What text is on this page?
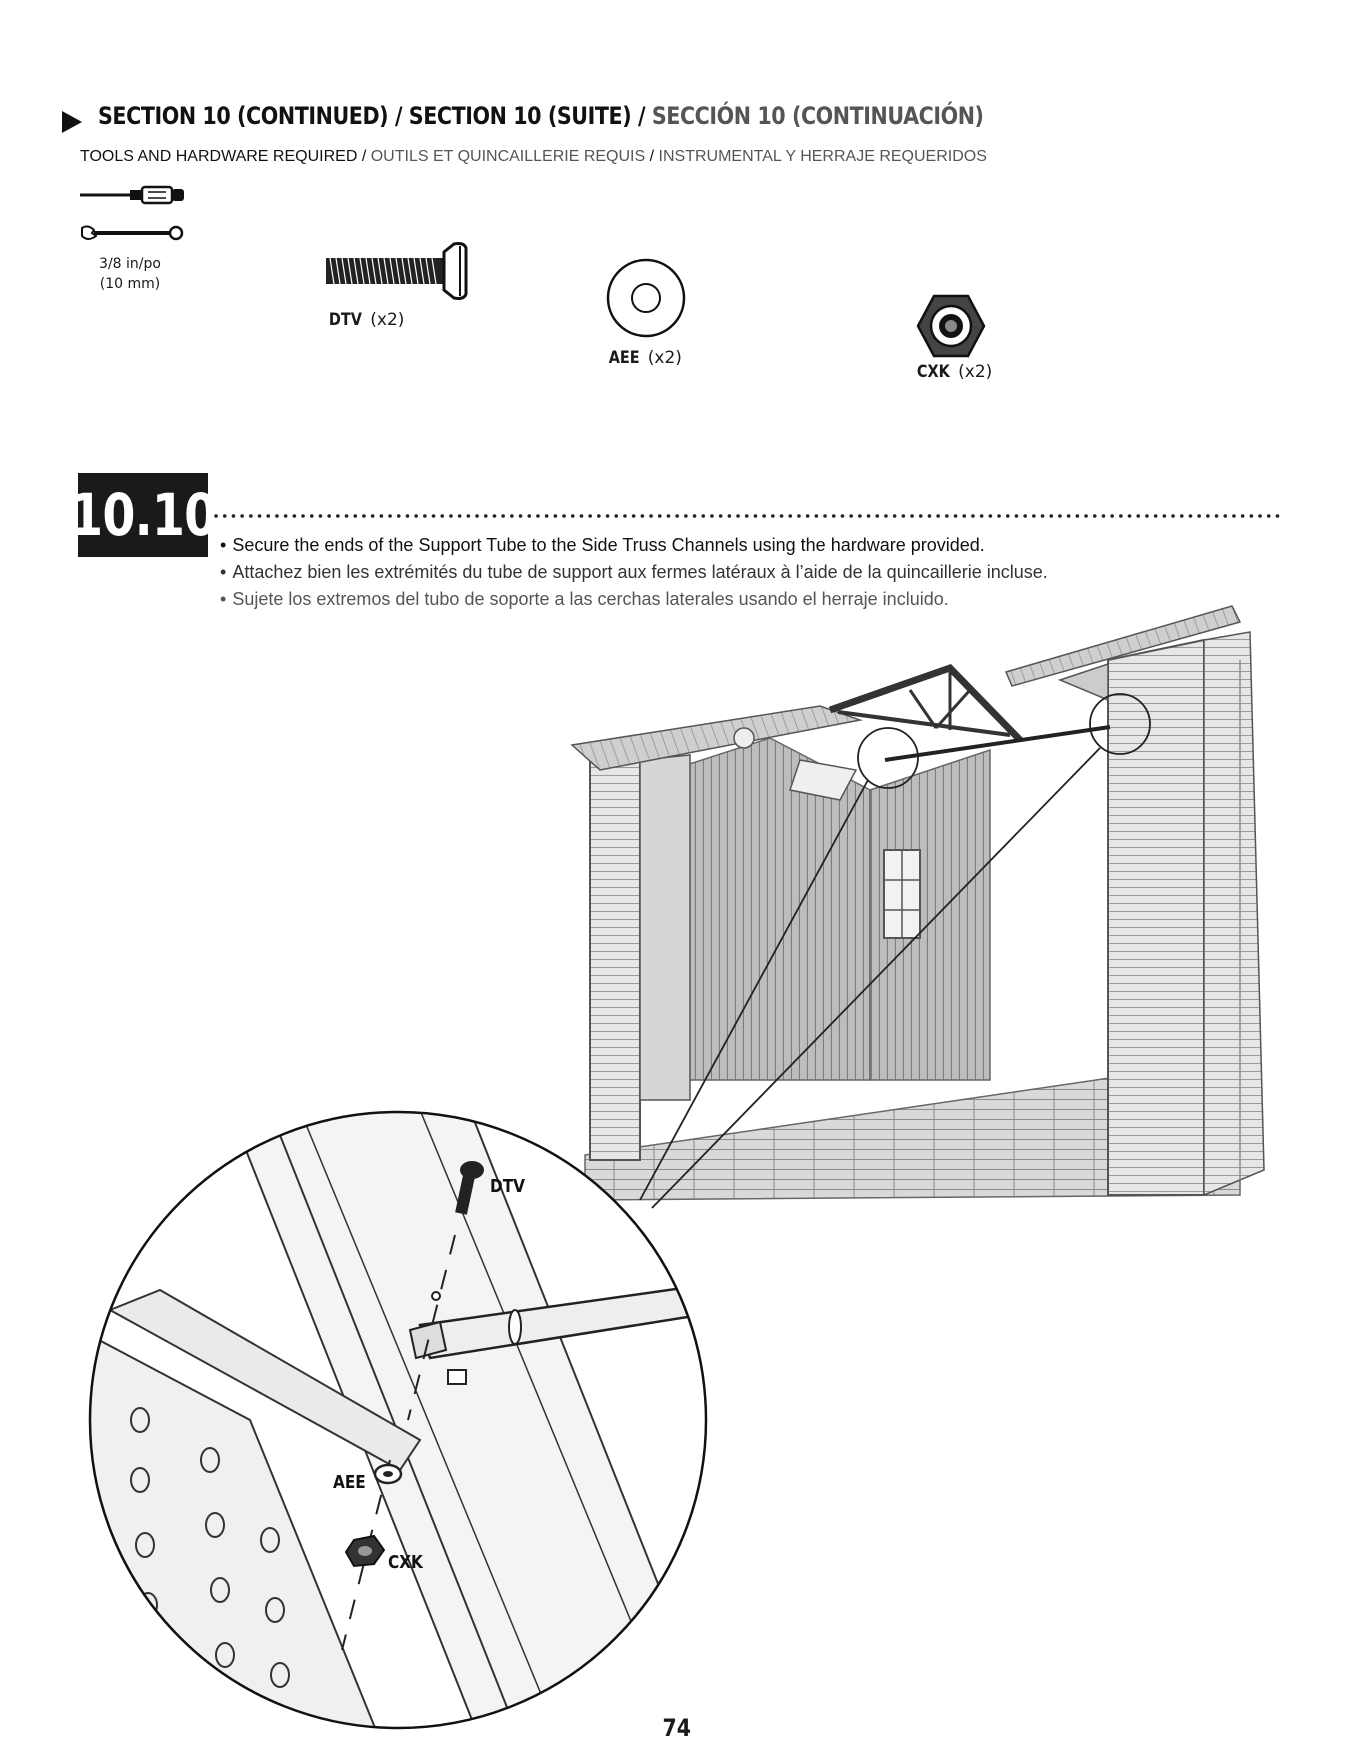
SECTION 10 (CONTINUED) / SECTION 10 (SUITE) / SECCIÓN 10 (CONTINUACIÓN)
TOOLS AND HARDWARE REQUIRED / OUTILS ET QUINCAILLERIE REQUIS / INSTRUMENTAL Y HERRAJE REQUERIDOS
3/8 in/po
(10 mm)
DTV (x2)
AEE (x2)
CXK (x2)
10.10 • Secure the ends of the Support Tube to the Side Truss Channels using the hardware provided.
• Attachez bien les extrémités du tube de support aux fermes latéraux à l’aide de la quincaillerie incluse.
• Sujete los extremos del tubo de soporte a las cerchas laterales usando el herraje incluido.
DTV
AEE
CXK
74
